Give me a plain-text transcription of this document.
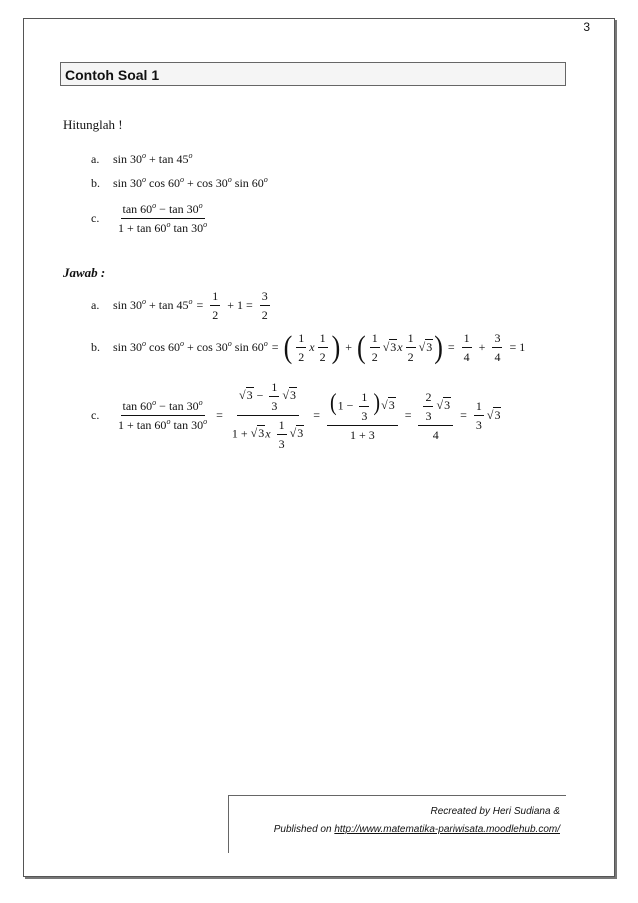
3
Contoh Soal 1
Hitunglah !
a.	$\sin 30^o + \tan 45^o$
b.	sin 30$^o$ $\cos 60^o + \cos 30^o$ sin 60$^o$
c.	$\frac{\tan 60^o - \tan 30^o}{1 + \tan 60^o \tan 30^o}$
Jawab :
a.	$\sin 30^o + \tan 45^o = \frac{1}{2} + 1 = \frac{3}{2}$
b.	sin 30$^o$ $\cos 60^o + \cos 30^o$ $\sin 60^o$ = ( $\frac{1}{2}$ x $\frac{1}{2}$ ) + ( $\frac{1}{2} √3$ x $\frac{1}{2} √3$ ) = $\frac{1}{4} + \frac{3}{4} = 1$
c.	$\frac{\tan 60^o - \tan 30^o}{1 + \tan 60^o \tan 30^o} = \frac{√3 - \frac{1}{3} √3}{1 + √3x \frac{1}{3} √3} = \frac{(1 - \frac{1}{3} )√3}{1 + 3} = \frac{\frac{2}{3} √3}{4} = \frac{1}{3} √3$
Recreated by Heri Sudiana &
Published on http://www.matematika-pariwisata.moodlehub.com/
